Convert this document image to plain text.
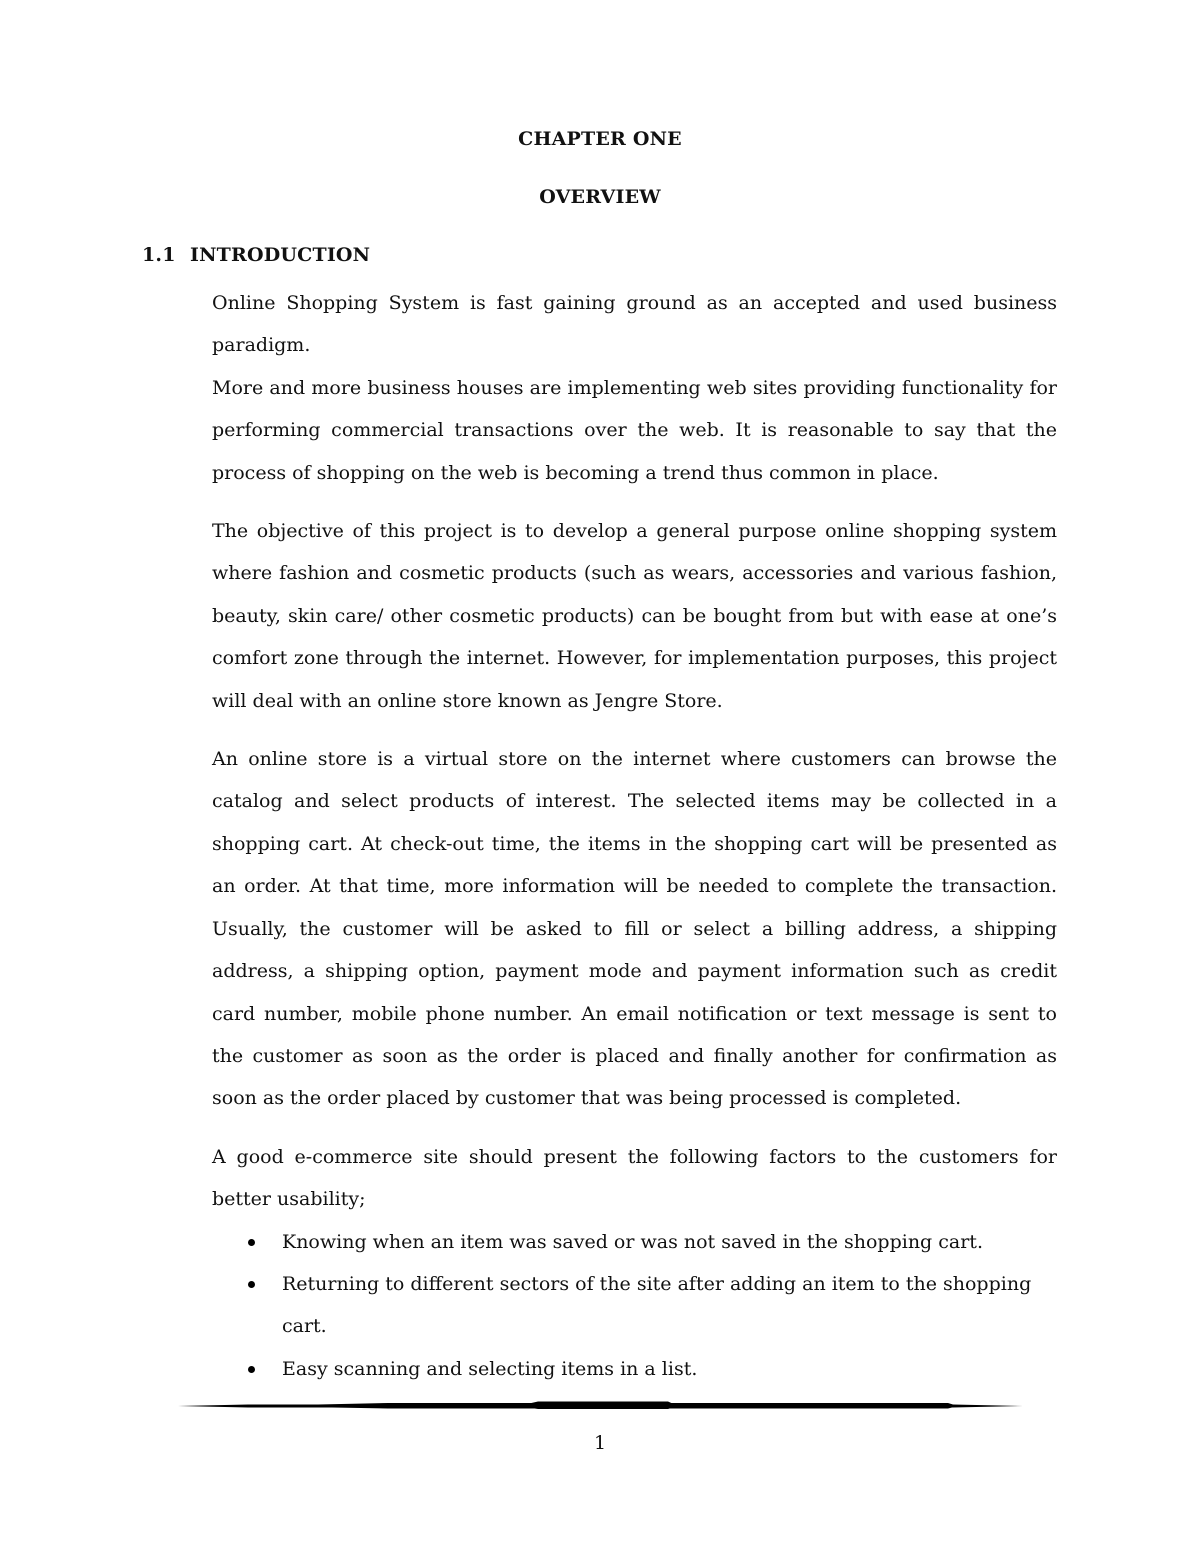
CHAPTER ONE
OVERVIEW
1.1 INTRODUCTION

Online Shopping System is fast gaining ground as an accepted and used business paradigm.

More and more business houses are implementing web sites providing functionality for performing commercial transactions over the web. It is reasonable to say that the process of shopping on the web is becoming a trend thus common in place.

The objective of this project is to develop a general purpose online shopping system where fashion and cosmetic products (such as wears, accessories and various fashion, beauty, skin care/ other cosmetic products) can be bought from but with ease at one’s comfort zone through the internet. However, for implementation purposes, this project will deal with an online store known as Jengre Store.

An online store is a virtual store on the internet where customers can browse the catalog and select products of interest. The selected items may be collected in a shopping cart. At check-out time, the items in the shopping cart will be presented as an order. At that time, more information will be needed to complete the transaction. Usually, the customer will be asked to fill or select a billing address, a shipping address, a shipping option, payment mode and payment information such as credit card number, mobile phone number. An email notification or text message is sent to the customer as soon as the order is placed and finally another for confirmation as soon as the order placed by customer that was being processed is completed.

A good e-commerce site should present the following factors to the customers for better usability;

Knowing when an item was saved or was not saved in the shopping cart.
Returning to different sectors of the site after adding an item to the shopping cart.
Easy scanning and selecting items in a list.
1
